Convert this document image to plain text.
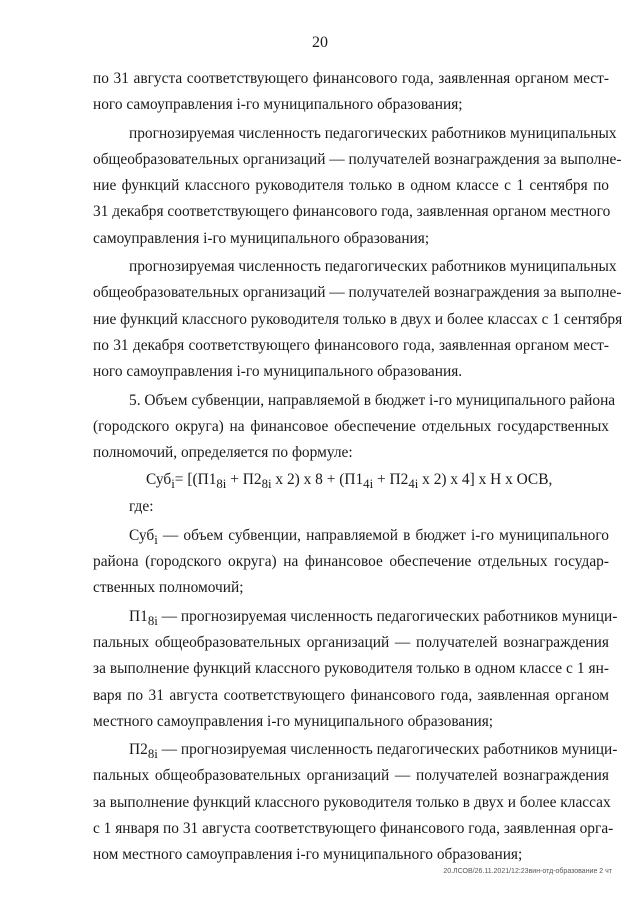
20
по 31 августа соответствующего финансового года, заявленная органом мест-
ного самоуправления i-го муниципального образования;
прогнозируемая численность педагогических работников муниципальных
общеобразовательных организаций — получателей вознаграждения за выполне-
ние функций классного руководителя только в одном классе с 1 сентября по
31 декабря соответствующего финансового года, заявленная органом местного
самоуправления i-го муниципального образования;
прогнозируемая численность педагогических работников муниципальных
общеобразовательных организаций — получателей вознаграждения за выполне-
ние функций классного руководителя только в двух и более классах с 1 сентября
по 31 декабря соответствующего финансового года, заявленная органом мест-
ного самоуправления i-го муниципального образования.
5. Объем субвенции, направляемой в бюджет i-го муниципального района
(городского округа) на финансовое обеспечение отдельных государственных
полномочий, определяется по формуле:
$Суб_i= [(П1_{8i} + П2_{8i}$ х 2) х $8 + (П1_{4i} + П2_{4i}$ х 2) х 4] х Н х ОСВ,
где:
Суб$_i$ — объем субвенции, направляемой в бюджет i-го муниципального
района (городского округа) на финансовое обеспечение отдельных государ-
ственных полномочий;
$П1_{8i}$ — прогнозируемая численность педагогических работников муници-
пальных общеобразовательных организаций — получателей вознаграждения
за выполнение функций классного руководителя только в одном классе с 1 ян-
варя по 31 августа соответствующего финансового года, заявленная органом
местного самоуправления i-го муниципального образования;
$П2_{8i}$ — прогнозируемая численность педагогических работников муници-
пальных общеобразовательных организаций — получателей вознаграждения
за выполнение функций классного руководителя только в двух и более классах
с 1 января по 31 августа соответствующего финансового года, заявленная орга-
ном местного самоуправления i-го муниципального образования;
20.ЛСОВ/26.11.2021/12:23вин-отд-образование 2 чт
